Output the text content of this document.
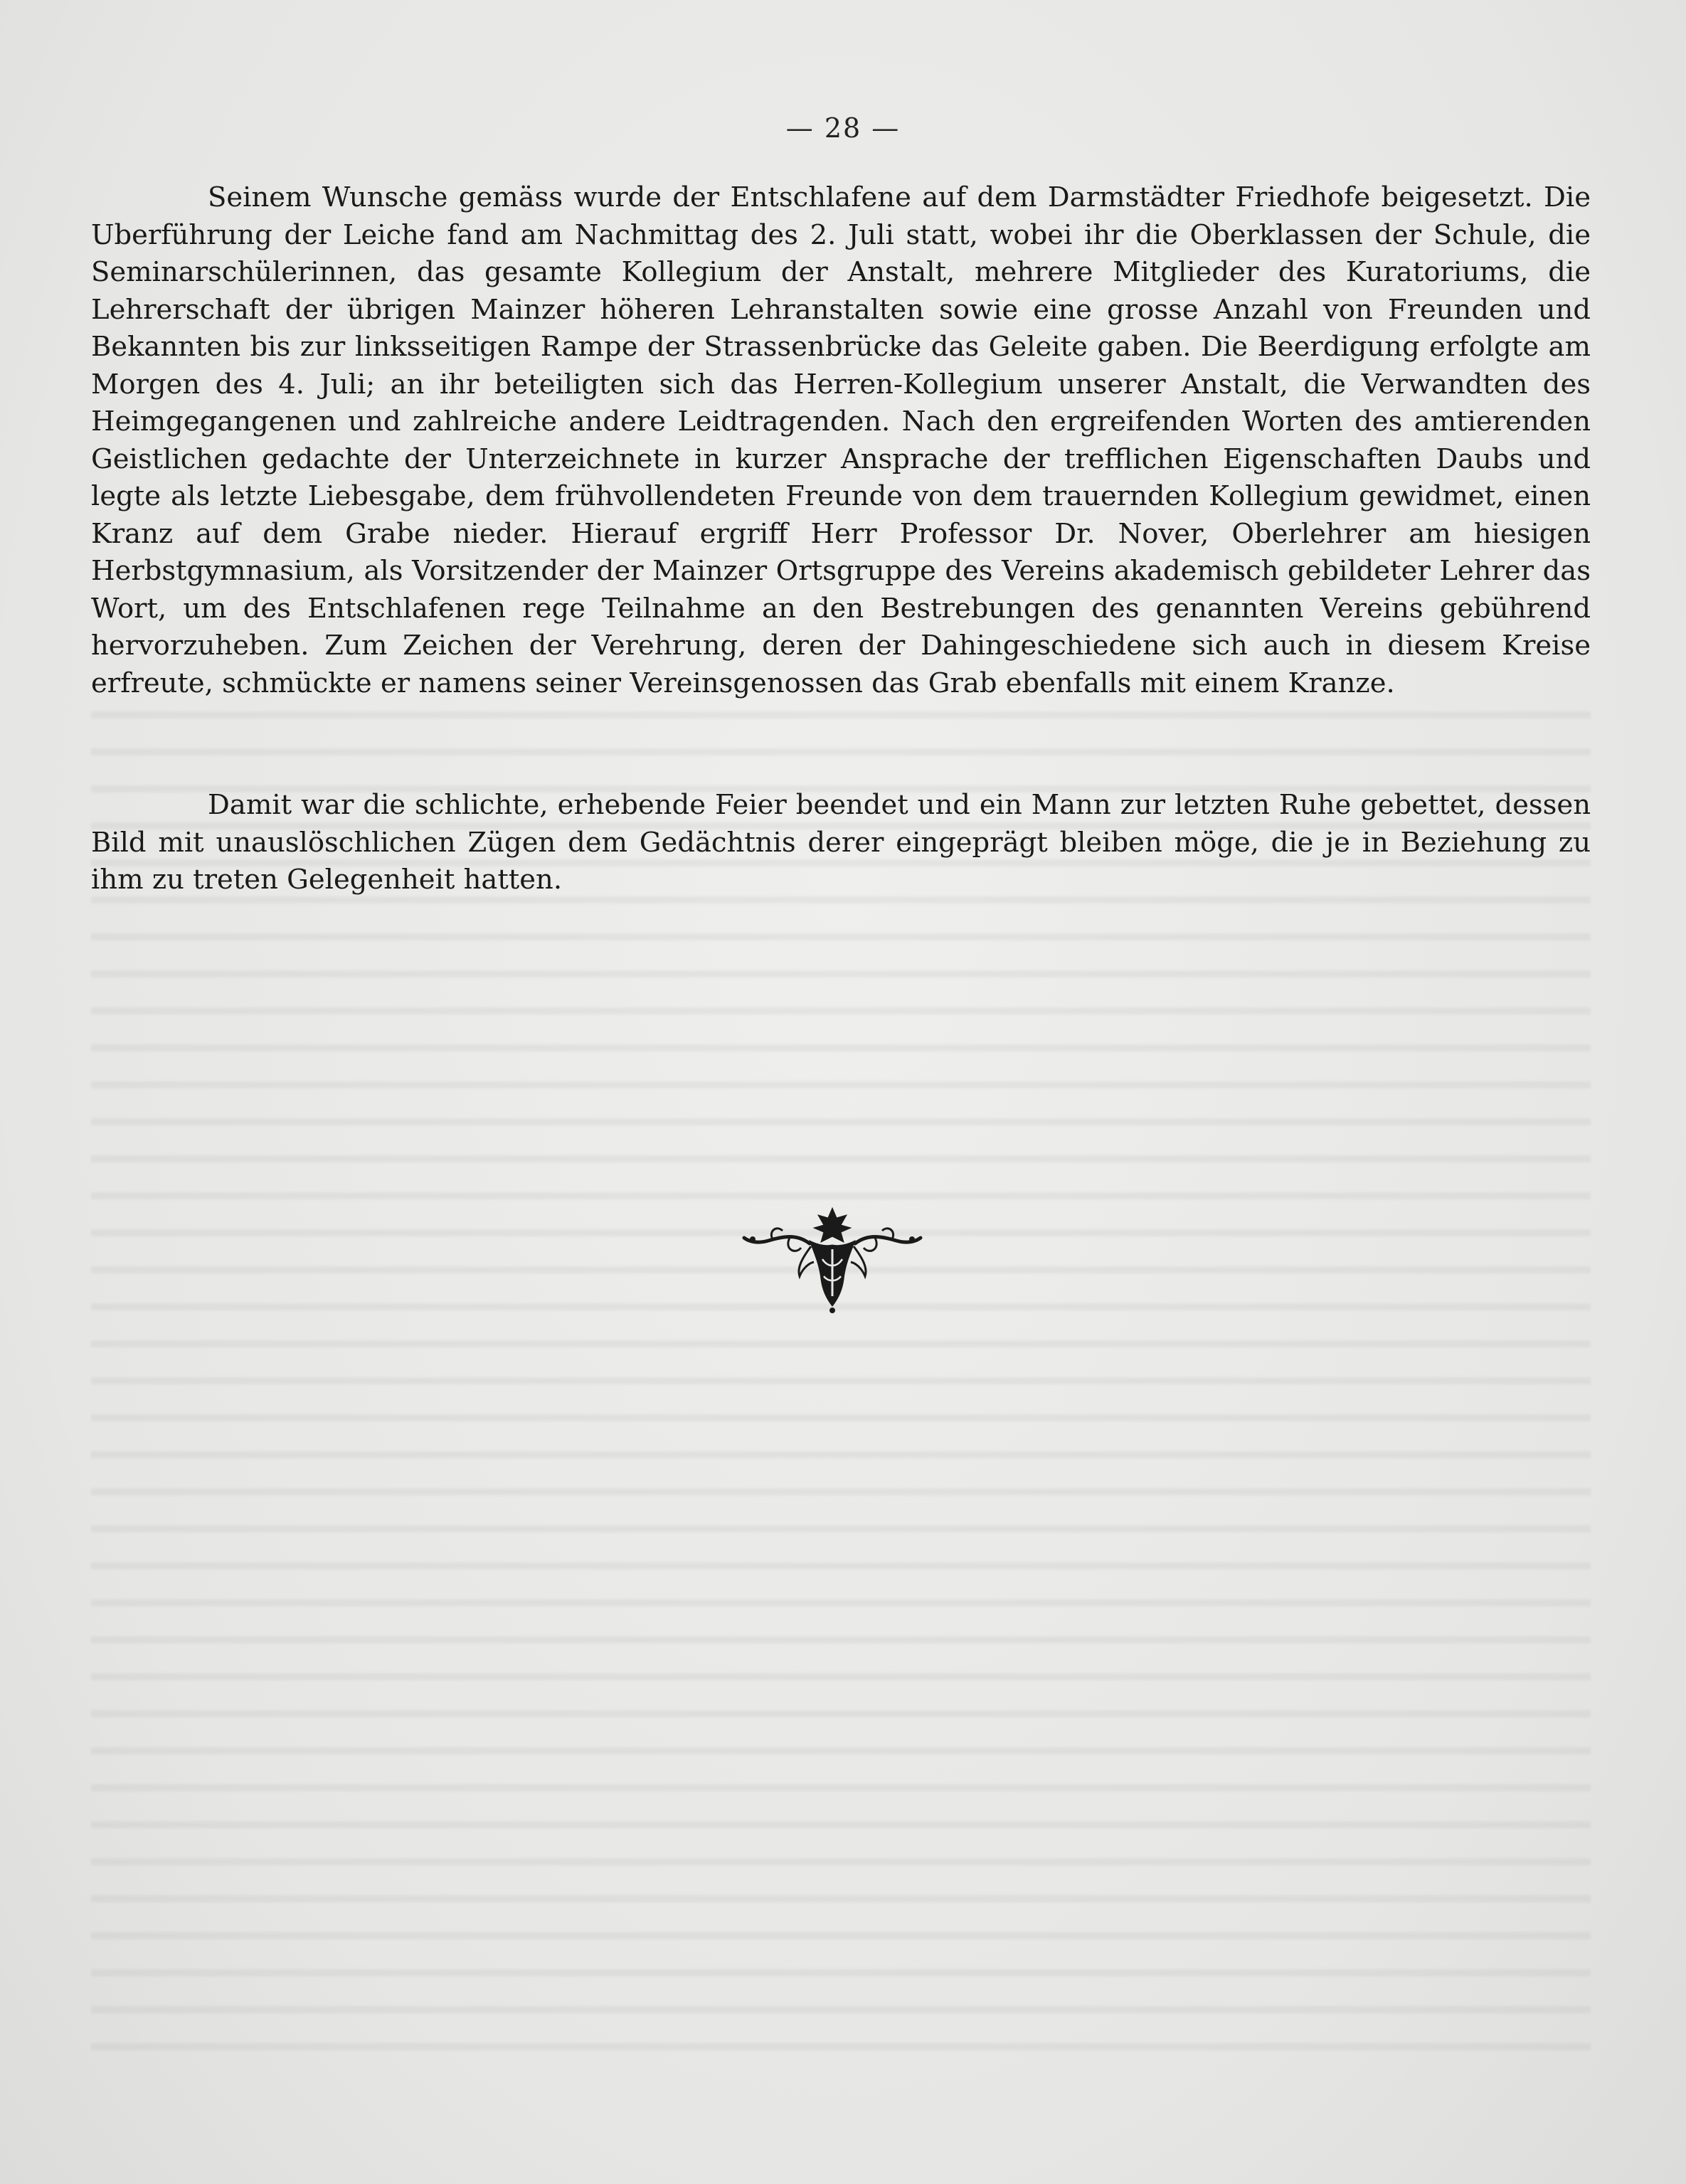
— 28 —

Seinem Wunsche gemäss wurde der Entschlafene auf dem Darmstädter Friedhofe beigesetzt. Die Uberführung der Leiche fand am Nachmittag des 2. Juli statt, wobei ihr die Oberklassen der Schule, die Seminarschülerinnen, das gesamte Kollegium der Anstalt, mehrere Mitglieder des Kuratoriums, die Lehrerschaft der übrigen Mainzer höheren Lehranstalten sowie eine grosse Anzahl von Freunden und Bekannten bis zur linksseitigen Rampe der Strassenbrücke das Geleite gaben. Die Beerdigung erfolgte am Morgen des 4. Juli; an ihr beteiligten sich das Herren-Kollegium unserer Anstalt, die Verwandten des Heimgegangenen und zahlreiche andere Leidtragenden. Nach den ergreifenden Worten des amtierenden Geistlichen gedachte der Unterzeichnete in kurzer Ansprache der trefflichen Eigenschaften Daubs und legte als letzte Liebesgabe, dem frühvollendeten Freunde von dem trauernden Kollegium gewidmet, einen Kranz auf dem Grabe nieder. Hierauf ergriff Herr Professor Dr. Nover, Oberlehrer am hiesigen Herbstgymnasium, als Vorsitzender der Mainzer Ortsgruppe des Vereins akademisch gebildeter Lehrer das Wort, um des Entschlafenen rege Teilnahme an den Bestrebungen des genannten Vereins gebührend hervorzuheben. Zum Zeichen der Verehrung, deren der Dahingeschiedene sich auch in diesem Kreise erfreute, schmückte er namens seiner Vereinsgenossen das Grab ebenfalls mit einem Kranze.

Damit war die schlichte, erhebende Feier beendet und ein Mann zur letzten Ruhe gebettet, dessen Bild mit unauslöschlichen Zügen dem Gedächtnis derer eingeprägt bleiben möge, die je in Beziehung zu ihm zu treten Gelegenheit hatten.
